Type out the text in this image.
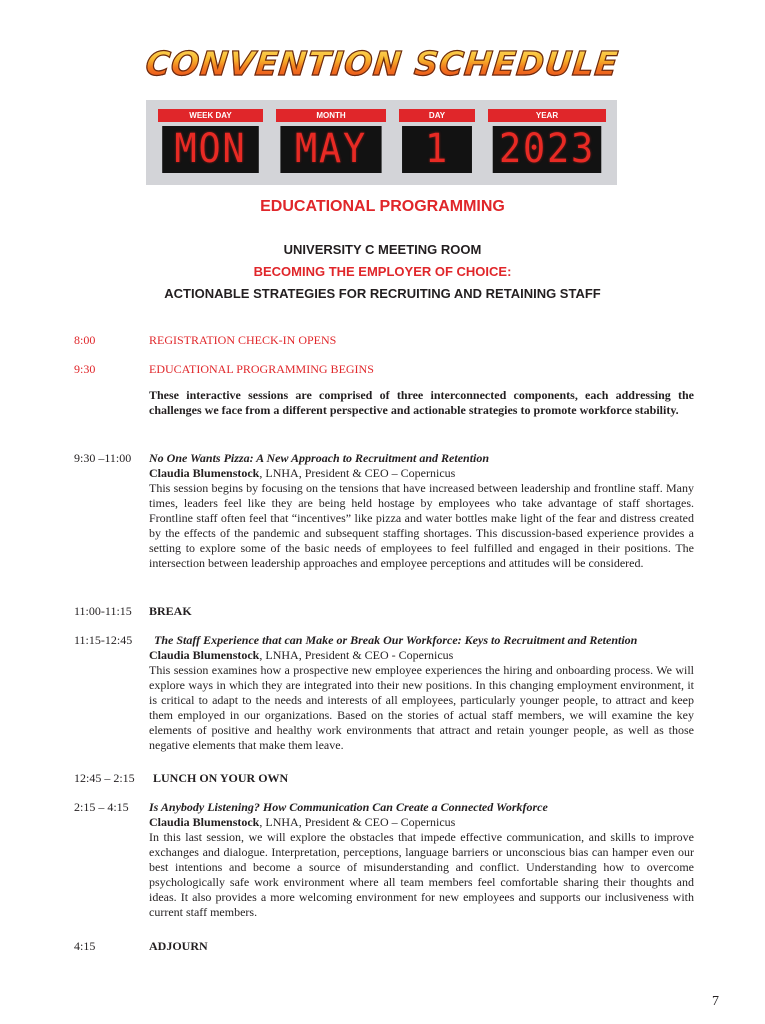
CONVENTION SCHEDULE
WEEK DAY
MON
MONTH
MAY
DAY
1
YEAR
2023
EDUCATIONAL PROGRAMMING
UNIVERSITY C MEETING ROOM
BECOMING THE EMPLOYER OF CHOICE:
ACTIONABLE STRATEGIES FOR RECRUITING AND RETAINING STAFF
8:00	REGISTRATION CHECK-IN OPENS
9:30	EDUCATIONAL PROGRAMMING BEGINS
These interactive sessions are comprised of three interconnected components, each addressing the challenges we face from a different perspective and actionable strategies to promote workforce stability.
9:30 –11:00 No One Wants Pizza: A New Approach to Recruitment and Retention
Claudia Blumenstock, LNHA, President & CEO – Copernicus
This session begins by focusing on the tensions that have increased between leadership and frontline staff. Many times, leaders feel like they are being held hostage by employees who take advantage of staff shortages. Frontline staff often feel that “incentives” like pizza and water bottles make light of the fear and distress created by the effects of the pandemic and subsequent staffing shortages. This discussion-based experience provides a setting to explore some of the basic needs of employees to feel fulfilled and engaged in their positions. The intersection between leadership approaches and employee perceptions and attitudes will be considered.
11:00-11:15 BREAK
11:15-12:45 The Staff Experience that can Make or Break Our Workforce: Keys to Recruitment and Retention
Claudia Blumenstock, LNHA, President & CEO - Copernicus
This session examines how a prospective new employee experiences the hiring and onboarding process. We will explore ways in which they are integrated into their new positions. In this changing employment environment, it is critical to adapt to the needs and interests of all employees, particularly younger people, to attract and keep them employed in our organizations. Based on the stories of actual staff members, we will examine the key elements of positive and healthy work environments that attract and retain younger people, as well as those negative elements that make them leave.
12:45 – 2:15 LUNCH ON YOUR OWN
2:15 – 4:15 Is Anybody Listening? How Communication Can Create a Connected Workforce
Claudia Blumenstock, LNHA, President & CEO – Copernicus
In this last session, we will explore the obstacles that impede effective communication, and skills to improve exchanges and dialogue. Interpretation, perceptions, language barriers or unconscious bias can hamper even our best intentions and become a source of misunderstanding and conflict. Understanding how to overcome psychologically safe work environment where all team members feel comfortable sharing their thoughts and ideas. It also provides a more welcoming environment for new employees and supports our inclusiveness with current staff members.
4:15	ADJOURN
7
